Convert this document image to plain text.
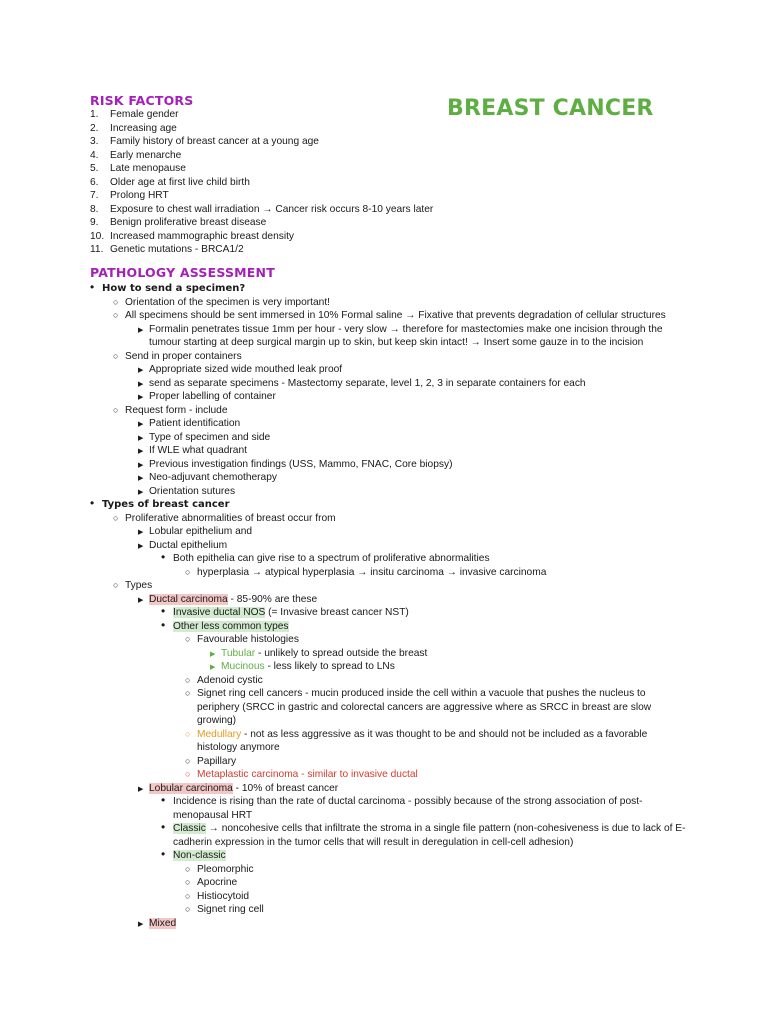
BREAST CANCER
RISK FACTORS
1.	Female gender
2.	Increasing age
3.	Family history of breast cancer at a young age
4.	Early menarche
5.	Late menopause
6.	Older age at first live child birth
7.	Prolong HRT
8.	Exposure to chest wall irradiation → Cancer risk occurs 8-10 years later
9.	Benign proliferative breast disease
10. Increased mammographic breast density
11. Genetic mutations - BRCA1/2
PATHOLOGY ASSESSMENT
• How to send a specimen?
○ Orientation of the specimen is very important!
○ All specimens should be sent immersed in 10% Formal saline → Fixative that prevents degradation of cellular structures
▶ Formalin penetrates tissue 1mm per hour - very slow → therefore for mastectomies make one incision through the tumour starting at deep surgical margin up to skin, but keep skin intact! → Insert some gauze in to the incision
○ Send in proper containers
▶ Appropriate sized wide mouthed leak proof
▶ send as separate specimens - Mastectomy separate, level 1, 2, 3 in separate containers for each
▶ Proper labelling of container
○ Request form - include
▶ Patient identification
▶ Type of specimen and side
▶ If WLE what quadrant
▶ Previous investigation findings (USS, Mammo, FNAC, Core biopsy)
▶ Neo-adjuvant chemotherapy
▶ Orientation sutures
• Types of breast cancer
○ Proliferative abnormalities of breast occur from
▶ Lobular epithelium and
▶ Ductal epithelium
• Both epithelia can give rise to a spectrum of proliferative abnormalities
○ hyperplasia → atypical hyperplasia → insitu carcinoma → invasive carcinoma
○ Types
▶ Ductal carcinoma - 85-90% are these
• Invasive ductal NOS (= Invasive breast cancer NST)
• Other less common types
○ Favourable histologies
▶ Tubular - unlikely to spread outside the breast
▶ Mucinous - less likely to spread to LNs
○ Adenoid cystic
○ Signet ring cell cancers - mucin produced inside the cell within a vacuole that pushes the nucleus to periphery (SRCC in gastric and colorectal cancers are aggressive where as SRCC in breast are slow growing)
○ Medullary - not as less aggressive as it was thought to be and should not be included as a favorable histology anymore
○ Papillary
○ Metaplastic carcinoma - similar to invasive ductal
▶ Lobular carcinoma - 10% of breast cancer
• Incidence is rising than the rate of ductal carcinoma - possibly because of the strong association of post-menopausal HRT
• Classic → noncohesive cells that infiltrate the stroma in a single file pattern (non-cohesiveness is due to lack of E-cadherin expression in the tumor cells that will result in deregulation in cell-cell adhesion)
• Non-classic
○ Pleomorphic
○ Apocrine
○ Histiocytoid
○ Signet ring cell
▶ Mixed
